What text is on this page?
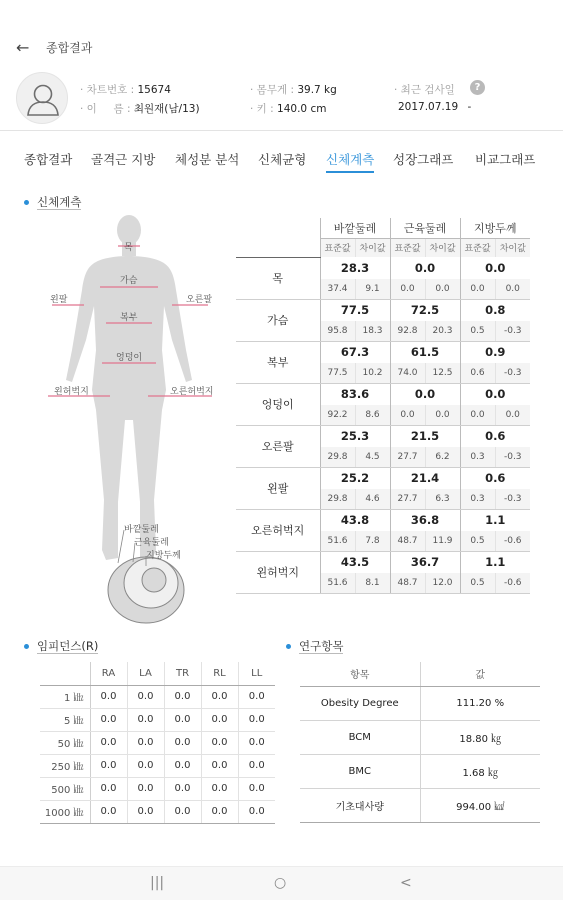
← 종합결과
· 차트번호 : 15674
· 이     름 : 최원재(남/13)
· 몸무게 : 39.7 kg
· 키 : 140.0 cm
· 최근 검사일	?
2017.07.19 -
종합결과 골격근 지방 체성분 분석 신체균형 신체계측 성장그래프 비교그래프
신체계측
목
가슴
왼팔	오른팔
복부
엉덩이
왼허벅지	오른허벅지
바깥둘레
근육둘레
지방두께
	바깥둘레		근육둘레		지방두께	
	표준값	차이값	표준값	차이값	표준값	차이값
목	28.3		0.0		0.0	
	37.4	9.1	0.0	0.0	0.0	0.0
가슴	77.5		72.5		0.8	
	95.8	18.3	92.8	20.3	0.5	-0.3
복부	67.3		61.5		0.9	
	77.5	10.2	74.0	12.5	0.6	-0.3
엉덩이	83.6		0.0		0.0	
	92.2	8.6	0.0	0.0	0.0	0.0
오른팔	25.3		21.5		0.6	
	29.8	4.5	27.7	6.2	0.3	-0.3
왼팔	25.2		21.4		0.6	
	29.8	4.6	27.7	6.3	0.3	-0.3
오른허벅지	43.8		36.8		1.1	
	51.6	7.8	48.7	11.9	0.5	-0.6
왼허벅지	43.5		36.7		1.1	
	51.6	8.1	48.7	12.0	0.5	-0.6
임피던스(R)
	RA	LA	TR	RL	LL
1 ㎑	0.0	0.0	0.0	0.0	0.0
5 ㎑	0.0	0.0	0.0	0.0	0.0
50 ㎑	0.0	0.0	0.0	0.0	0.0
250 ㎑	0.0	0.0	0.0	0.0	0.0
500 ㎑	0.0	0.0	0.0	0.0	0.0
1000 ㎑	0.0	0.0	0.0	0.0	0.0
연구항목
항목	값
Obesity Degree	111.20 %
BCM	18.80 ㎏
BMC	1.68 ㎏
기초대사량	994.00 ㎉
|||	○	<
